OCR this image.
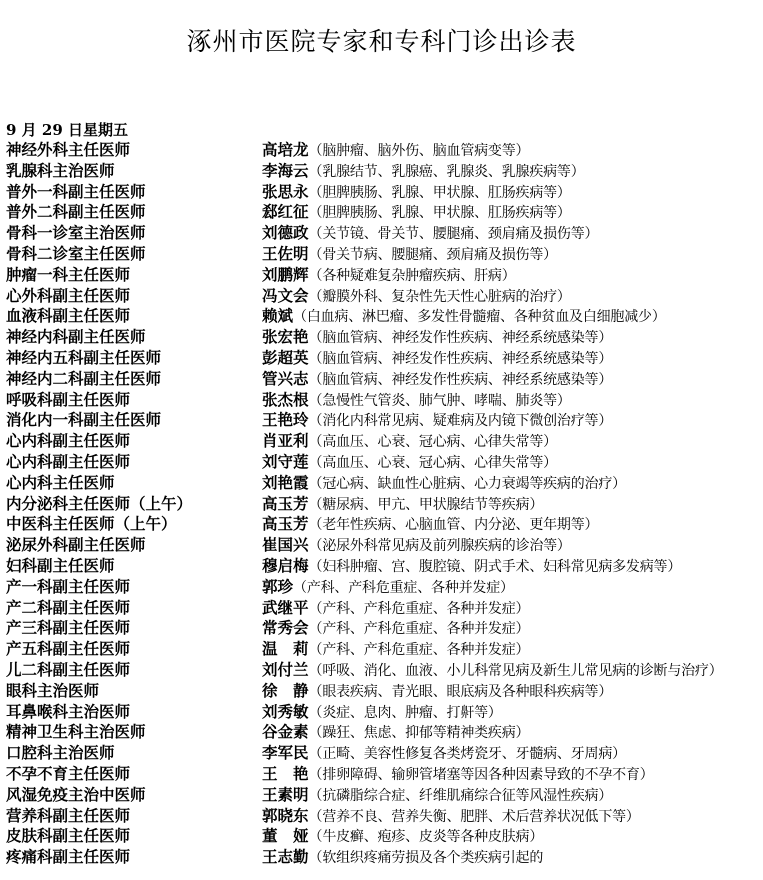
涿州市医院专家和专科门诊出诊表
9 月 29 日星期五
神经外科主任医师	高培龙（脑肿瘤、脑外伤、脑血管病变等）
乳腺科主治医师	李海云（乳腺结节、乳腺癌、乳腺炎、乳腺疾病等）
普外一科副主任医师	张思永（胆脾胰肠、乳腺、甲状腺、肛肠疾病等）
普外二科副主任医师	郄红征（胆脾胰肠、乳腺、甲状腺、肛肠疾病等）
骨科一诊室主治医师	刘德政（关节镜、骨关节、腰腿痛、颈肩痛及损伤等）
骨科二诊室主任医师	王佐明（骨关节病、腰腿痛、颈肩痛及损伤等）
肿瘤一科主任医师	刘鹏辉（各种疑难复杂肿瘤疾病、肝病）
心外科副主任医师	冯文会（瓣膜外科、复杂性先天性心脏病的治疗）
血液科副主任医师	赖斌（白血病、淋巴瘤、多发性骨髓瘤、各种贫血及白细胞减少）
神经内科副主任医师	张宏艳（脑血管病、神经发作性疾病、神经系统感染等）
神经内五科副主任医师	彭超英（脑血管病、神经发作性疾病、神经系统感染等）
神经内二科副主任医师	管兴志（脑血管病、神经发作性疾病、神经系统感染等）
呼吸科副主任医师	张杰根（急慢性气管炎、肺气肿、哮喘、肺炎等）
消化内一科副主任医师	王艳玲（消化内科常见病、疑难病及内镜下微创治疗等）
心内科副主任医师	肖亚利（高血压、心衰、冠心病、心律失常等）
心内科副主任医师	刘守莲（高血压、心衰、冠心病、心律失常等）
心内科主任医师	刘艳霞（冠心病、缺血性心脏病、心力衰竭等疾病的治疗）
内分泌科主任医师（上午）	高玉芳（糖尿病、甲亢、甲状腺结节等疾病）
中医科主任医师（上午）	高玉芳（老年性疾病、心脑血管、内分泌、更年期等）
泌尿外科副主任医师	崔国兴（泌尿外科常见病及前列腺疾病的诊治等）
妇科副主任医师	穆启梅（妇科肿瘤、宫、腹腔镜、阴式手术、妇科常见病多发病等）
产一科副主任医师	郭珍（产科、产科危重症、各种并发症）
产二科副主任医师	武继平（产科、产科危重症、各种并发症）
产三科副主任医师	常秀会（产科、产科危重症、各种并发症）
产五科副主任医师	温　莉（产科、产科危重症、各种并发症）
儿二科副主任医师	刘付兰（呼吸、消化、血液、小儿科常见病及新生儿常见病的诊断与治疗）
眼科主治医师	徐　静（眼表疾病、青光眼、眼底病及各种眼科疾病等）
耳鼻喉科主治医师	刘秀敏（炎症、息肉、肿瘤、打鼾等）
精神卫生科主治医师	谷金素（躁狂、焦虑、抑郁等精神类疾病）
口腔科主治医师	李军民（正畸、美容性修复各类烤瓷牙、牙髓病、牙周病）
不孕不育主任医师	王　艳（排卵障碍、输卵管堵塞等因各种因素导致的不孕不育）
风湿免疫主治中医师	王素明（抗磷脂综合症、纤维肌痛综合征等风湿性疾病）
营养科副主任医师	郭晓东（营养不良、营养失衡、肥胖、术后营养状况低下等）
皮肤科副主任医师	董　娅（牛皮癣、疱疹、皮炎等各种皮肤病）
疼痛科副主任医师	王志勤（软组织疼痛劳损及各个类疾病引起的
